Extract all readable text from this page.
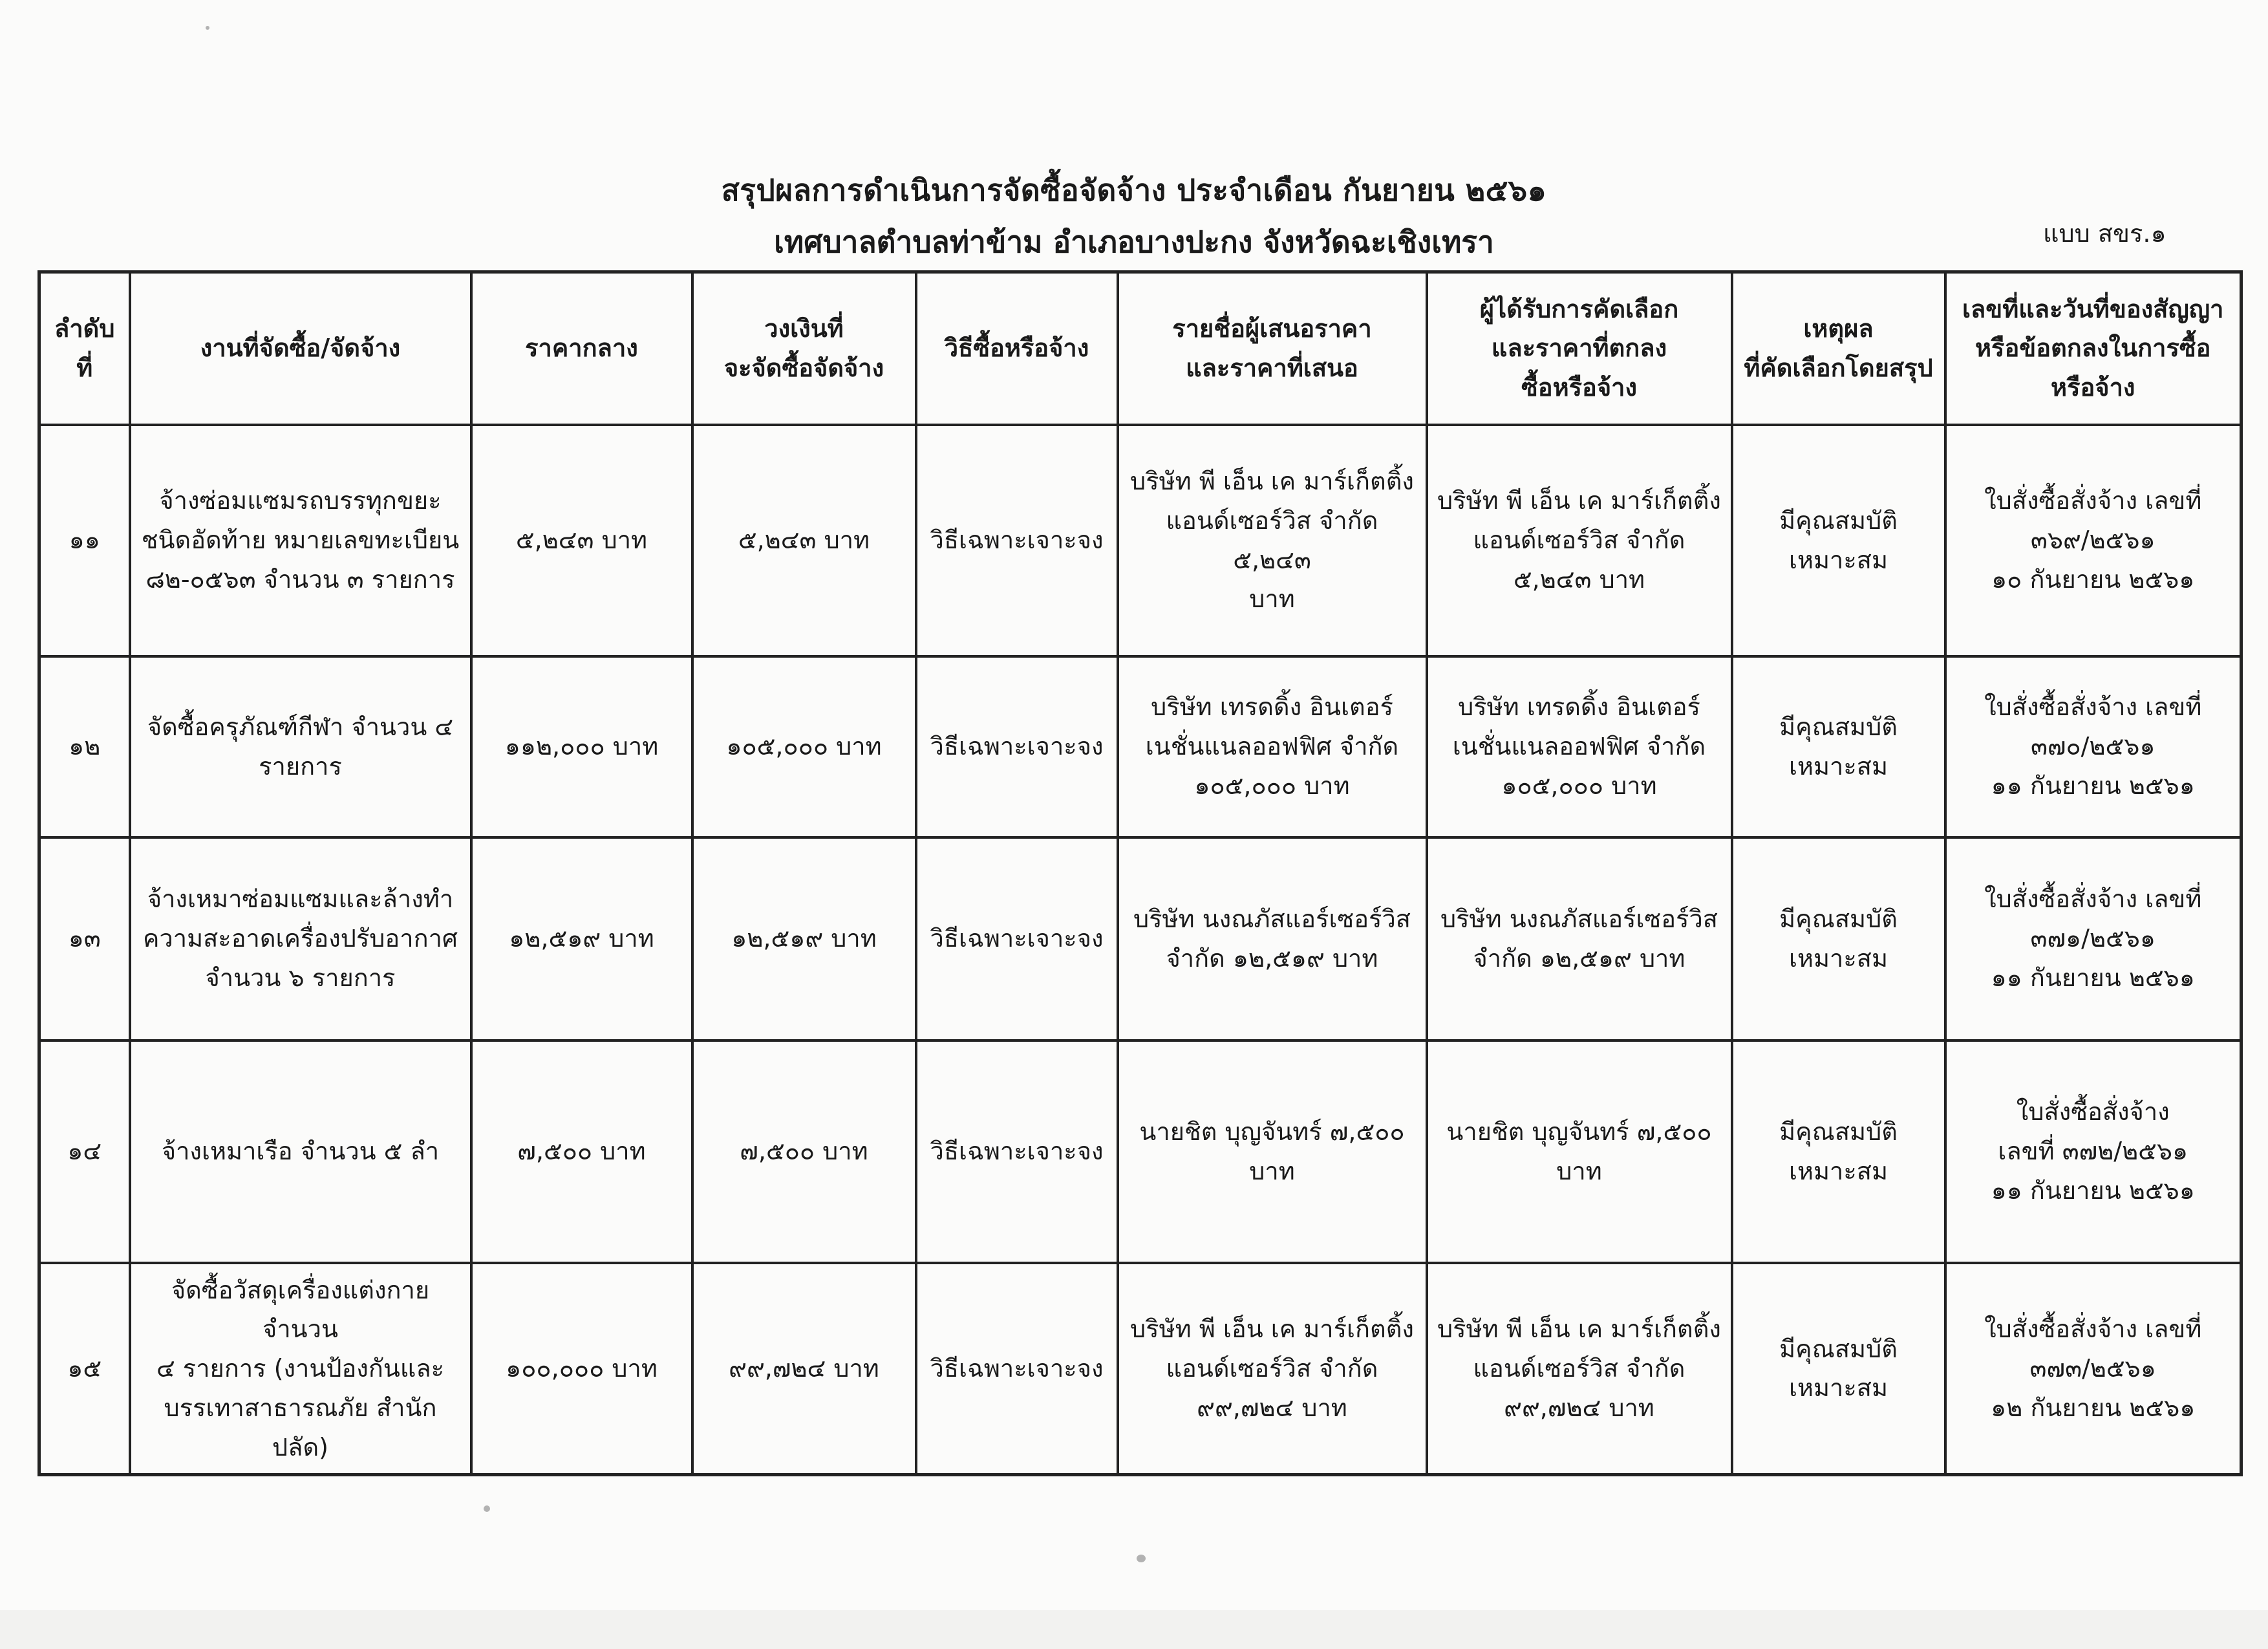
สรุปผลการดำเนินการจัดซื้อจัดจ้าง ประจำเดือน กันยายน ๒๕๖๑
เทศบาลตำบลท่าข้าม อำเภอบางปะกง จังหวัดฉะเชิงเทรา	แบบ สขร.๑
ลำดับที่	งานที่จัดซื้อ/จัดจ้าง	ราคากลาง	วงเงินที่
จะจัดซื้อจัดจ้าง	วิธีซื้อหรือจ้าง	รายชื่อผู้เสนอราคา
และราคาที่เสนอ	ผู้ได้รับการคัดเลือก
และราคาที่ตกลง
ซื้อหรือจ้าง	เหตุผล
ที่คัดเลือกโดยสรุป	เลขที่และวันที่ของสัญญา
หรือข้อตกลงในการซื้อ
หรือจ้าง
๑๑	จ้างซ่อมแซมรถบรรทุกขยะ
ชนิดอัดท้าย หมายเลขทะเบียน
๘๒-๐๕๖๓ จำนวน ๓ รายการ	๕,๒๔๓ บาท	๕,๒๔๓ บาท	วิธีเฉพาะเจาะจง	บริษัท พี เอ็น เค มาร์เก็ตติ้ง
แอนด์เซอร์วิส จำกัด ๕,๒๔๓
บาท	บริษัท พี เอ็น เค มาร์เก็ตติ้ง
แอนด์เซอร์วิส จำกัด
๕,๒๔๓ บาท	มีคุณสมบัติ
เหมาะสม	ใบสั่งซื้อสั่งจ้าง เลขที่
๓๖๙/๒๕๖๑
๑๐ กันยายน ๒๕๖๑
๑๒	จัดซื้อครุภัณฑ์กีฬา จำนวน ๔
รายการ	๑๑๒,๐๐๐ บาท	๑๐๕,๐๐๐ บาท	วิธีเฉพาะเจาะจง	บริษัท เทรดดิ้ง อินเตอร์
เนชั่นแนลออฟฟิศ จำกัด
๑๐๕,๐๐๐ บาท	บริษัท เทรดดิ้ง อินเตอร์
เนชั่นแนลออฟฟิศ จำกัด
๑๐๕,๐๐๐ บาท	มีคุณสมบัติ
เหมาะสม	ใบสั่งซื้อสั่งจ้าง เลขที่
๓๗๐/๒๕๖๑
๑๑ กันยายน ๒๕๖๑
๑๓	จ้างเหมาซ่อมแซมและล้างทำ
ความสะอาดเครื่องปรับอากาศ
จำนวน ๖ รายการ	๑๒,๕๑๙ บาท	๑๒,๕๑๙ บาท	วิธีเฉพาะเจาะจง	บริษัท นงณภัสแอร์เซอร์วิส
จำกัด ๑๒,๕๑๙ บาท	บริษัท นงณภัสแอร์เซอร์วิส
จำกัด ๑๒,๕๑๙ บาท	มีคุณสมบัติ
เหมาะสม	ใบสั่งซื้อสั่งจ้าง เลขที่
๓๗๑/๒๕๖๑
๑๑ กันยายน ๒๕๖๑
๑๔	จ้างเหมาเรือ จำนวน ๕ ลำ	๗,๕๐๐ บาท	๗,๕๐๐ บาท	วิธีเฉพาะเจาะจง	นายชิต บุญจันทร์ ๗,๕๐๐
บาท	นายชิต บุญจันทร์ ๗,๕๐๐
บาท	มีคุณสมบัติ
เหมาะสม	ใบสั่งซื้อสั่งจ้าง
เลขที่ ๓๗๒/๒๕๖๑
๑๑ กันยายน ๒๕๖๑
๑๕	จัดซื้อวัสดุเครื่องแต่งกาย จำนวน
๔ รายการ (งานป้องกันและ
บรรเทาสาธารณภัย สำนักปลัด)	๑๐๐,๐๐๐ บาท	๙๙,๗๒๔ บาท	วิธีเฉพาะเจาะจง	บริษัท พี เอ็น เค มาร์เก็ตติ้ง
แอนด์เซอร์วิส จำกัด
๙๙,๗๒๔ บาท	บริษัท พี เอ็น เค มาร์เก็ตติ้ง
แอนด์เซอร์วิส จำกัด
๙๙,๗๒๔ บาท	มีคุณสมบัติ
เหมาะสม	ใบสั่งซื้อสั่งจ้าง เลขที่
๓๗๓/๒๕๖๑
๑๒ กันยายน ๒๕๖๑
